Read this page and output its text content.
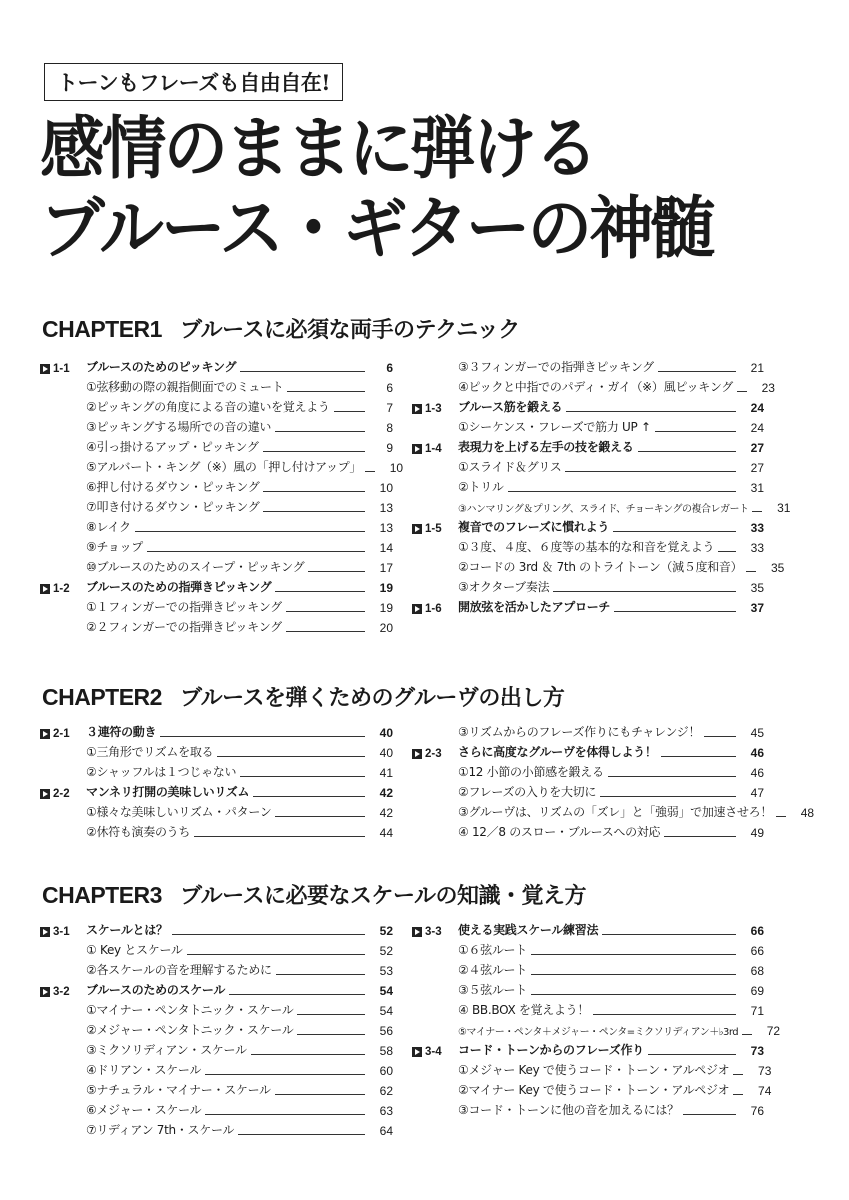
トーンもフレーズも自由自在!
感情のままに弾ける
ブルース・ギターの神髄
CHAPTER1 ブルースに必須な両手のテクニック
1-1 ブルースのためのピッキング	6
①弦移動の際の親指側面でのミュート	6
②ピッキングの角度による音の違いを覚えよう	7
③ピッキングする場所での音の違い	8
④引っ掛けるアップ・ピッキング	9
⑤アルバート・キング（※）風の「押し付けアップ」	10
⑥押し付けるダウン・ピッキング	10
⑦叩き付けるダウン・ピッキング	13
⑧レイク	13
⑨チョップ	14
⑩ブルースのためのスイープ・ピッキング	17
1-2 ブルースのための指弾きピッキング	19
①１フィンガーでの指弾きピッキング	19
②２フィンガーでの指弾きピッキング	20
③３フィンガーでの指弾きピッキング	21
④ピックと中指でのパディ・ガイ（※）風ピッキング	23
1-3 ブルース筋を鍛える	24
①シーケンス・フレーズで筋力 UP ↑	24
1-4 表現力を上げる左手の技を鍛える	27
①スライド＆グリス	27
②トリル	31
③ハンマリング＆プリング、スライド、チョーキングの複合レガート	31
1-5 複音でのフレーズに慣れよう	33
①３度、４度、６度等の基本的な和音を覚えよう	33
②コードの 3rd ＆ 7th のトライトーン（減５度和音）	35
③オクターブ奏法	35
1-6 開放弦を活かしたアプローチ	37
CHAPTER2 ブルースを弾くためのグルーヴの出し方
2-1 ３連符の動き	40
①三角形でリズムを取る	40
②シャッフルは１つじゃない	41
2-2 マンネリ打開の美味しいリズム	42
①様々な美味しいリズム・パターン	42
②休符も演奏のうち	44
③リズムからのフレーズ作りにもチャレンジ！	45
2-3 さらに高度なグルーヴを体得しよう！	46
①12 小節の小節感を鍛える	46
②フレーズの入りを大切に	47
③グルーヴは、リズムの「ズレ」と「強弱」で加速させろ！	48
④ 12／8 のスロー・ブルースへの対応	49
CHAPTER3 ブルースに必要なスケールの知識・覚え方
3-1 スケールとは？	52
① Key とスケール	52
②各スケールの音を理解するために	53
3-2 ブルースのためのスケール	54
①マイナー・ペンタトニック・スケール	54
②メジャー・ペンタトニック・スケール	56
③ミクソリディアン・スケール	58
④ドリアン・スケール	60
⑤ナチュラル・マイナー・スケール	62
⑥メジャー・スケール	63
⑦リディアン 7th・スケール	64
3-3 使える実践スケール練習法	66
①６弦ルート	66
②４弦ルート	68
③５弦ルート	69
④ BB.BOX を覚えよう！	71
⑤マイナー・ペンタ＋メジャー・ペンタ=ミクソリディアン＋♭3rd	72
3-4 コード・トーンからのフレーズ作り	73
①メジャー Key で使うコード・トーン・アルペジオ	73
②マイナー Key で使うコード・トーン・アルペジオ	74
③コード・トーンに他の音を加えるには？	76
